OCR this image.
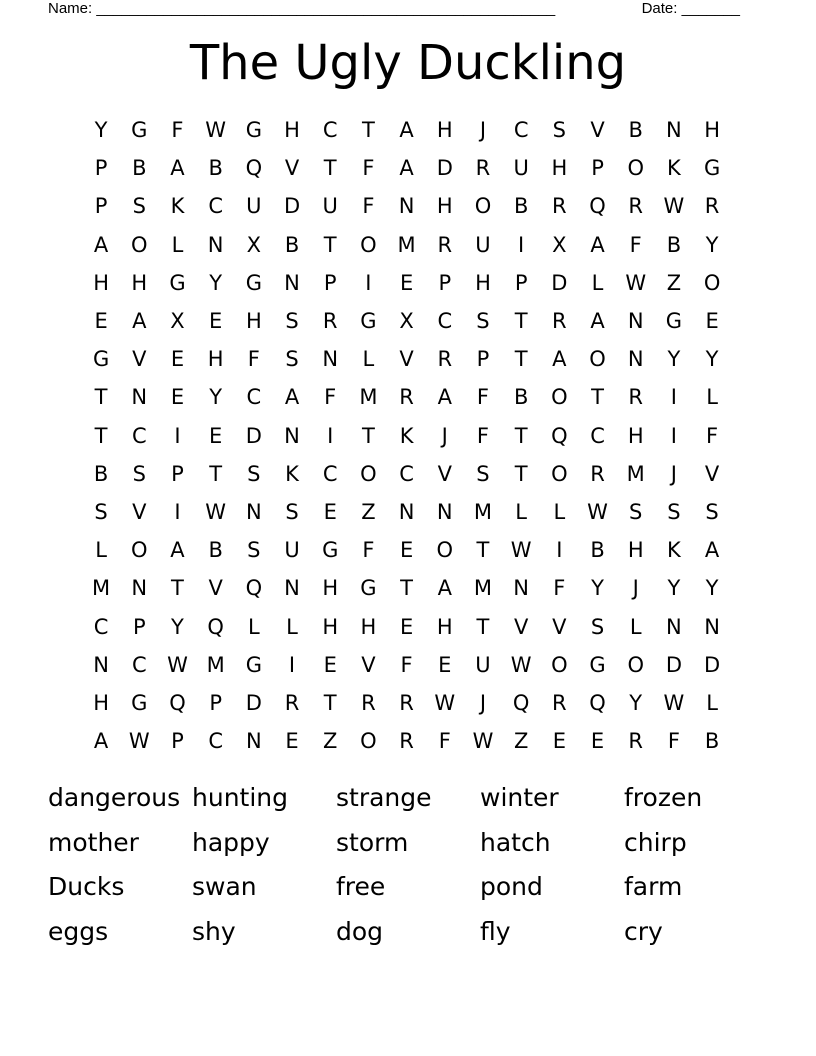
Name: _______________________________________________________	Date: _______
The Ugly Duckling
Y	G	F	W G	H	C	T	A	H	J	C	S	V	B	N	H
P	B	A	B	Q	V	T	F	A	D	R	U	H	P	O	K	G
P	S	K	C	U	D	U	F	N	H	O	B	R	Q	R W R
A	O	L	N	X	B	T	O M	R	U	I	X	A	F	B	Y
H	H	G	Y	G	N	P	I	E	P	H	P	D	L	W Z	O
E	A	X	E	H	S	R	G	X	C	S	T	R	A	N	G	E
G	V	E	H	F	S	N	L	V	R	P	T	A	O	N	Y	Y
T	N	E	Y	C	A	F	M	R	A	F	B	O	T	R	I	L
T	C	I	E	D	N	I	T	K	J	F	T	Q	C	H	I	F
B	S	P	T	S	K	C	O	C	V	S	T	O	R	M	J	V
S	V	I	W N	S	E	Z	N	N	M	L	L	W	S	S	S
L	O	A	B	S	U	G	F	E	O	T	W	I	B	H	K	A
M	N	T	V	Q	N	H	G	T	A	M	N	F	Y	J	Y	Y
C	P	Y	Q	L	L	H	H	E	H	T	V	V	S	L	N	N
N	C W M G	I	E	V	F	E	U W O	G	O	D	D
H	G	Q	P	D	R	T	R	R W	J	Q	R	Q	Y	W	L
A W	P	C	N	E	Z	O	R	F	W Z	E	E	R	F	B
dangerous hunting	strange	winter	frozen
mother	happy	storm	hatch	chirp
Ducks	swan	free	pond	farm
eggs	shy	dog	fly	cry
